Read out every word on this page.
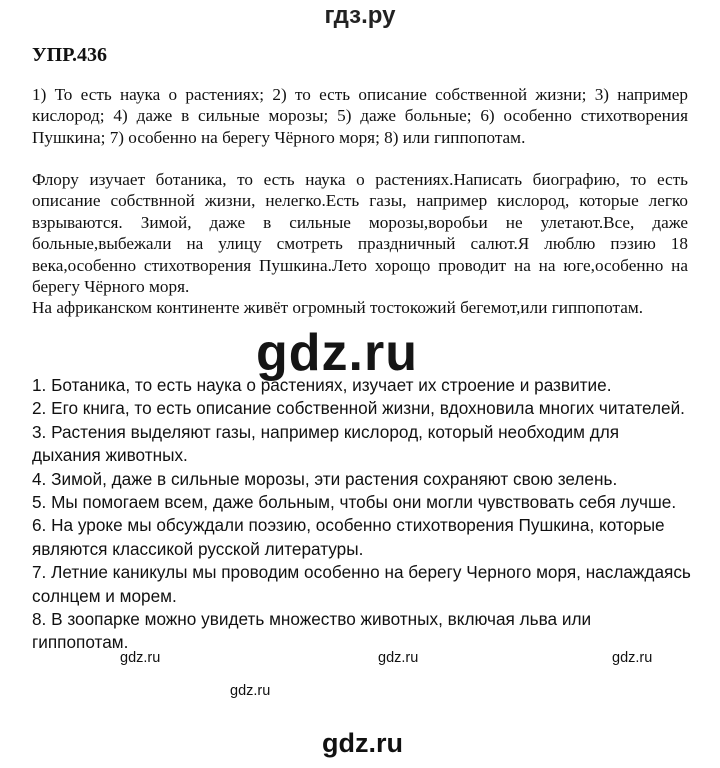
гдз.ру
УПР.436

1) То есть наука о растениях; 2) то есть описание собственной жизни; 3) например кислород; 4) даже в сильные морозы; 5) даже больные; 6) особенно стихотворения Пушкина; 7) особенно на берегу Чёрного моря; 8) или гиппопотам.

Флору изучает ботаника, то есть наука о растениях.Написать биографию, то есть описание собствнной жизни, нелегко.Есть газы, например кислород, которые легко взрываются. Зимой, даже в сильные морозы,воробьи не улетают.Все, даже больные,выбежали на улицу смотреть праздничный салют.Я люблю пэзию 18 века,особенно стихотворения Пушкина.Лето хорощо проводит на на юге,особенно на берегу Чёрного моря.

На африканском континенте живёт огромный тостокожий бегемот,или гиппопотам.

gdz.ru

1. Ботаника, то есть наука о растениях, изучает их строение и развитие.

2. Его книга, то есть описание собственной жизни, вдохновила многих читателей.

3. Растения выделяют газы, например кислород, который необходим для дыхания животных.

4. Зимой, даже в сильные морозы, эти растения сохраняют свою зелень.

5. Мы помогаем всем, даже больным, чтобы они могли чувствовать себя лучше.

6. На уроке мы обсуждали поэзию, особенно стихотворения Пушкина, которые являются классикой русской литературы.

7. Летние каникулы мы проводим особенно на берегу Черного моря, наслаждаясь солнцем и морем.

8. В зоопарке можно увидеть множество животных, включая льва или гиппопотам.

gdz.ru	gdz.ru	gdz.ru
gdz.ru
gdz.ru
